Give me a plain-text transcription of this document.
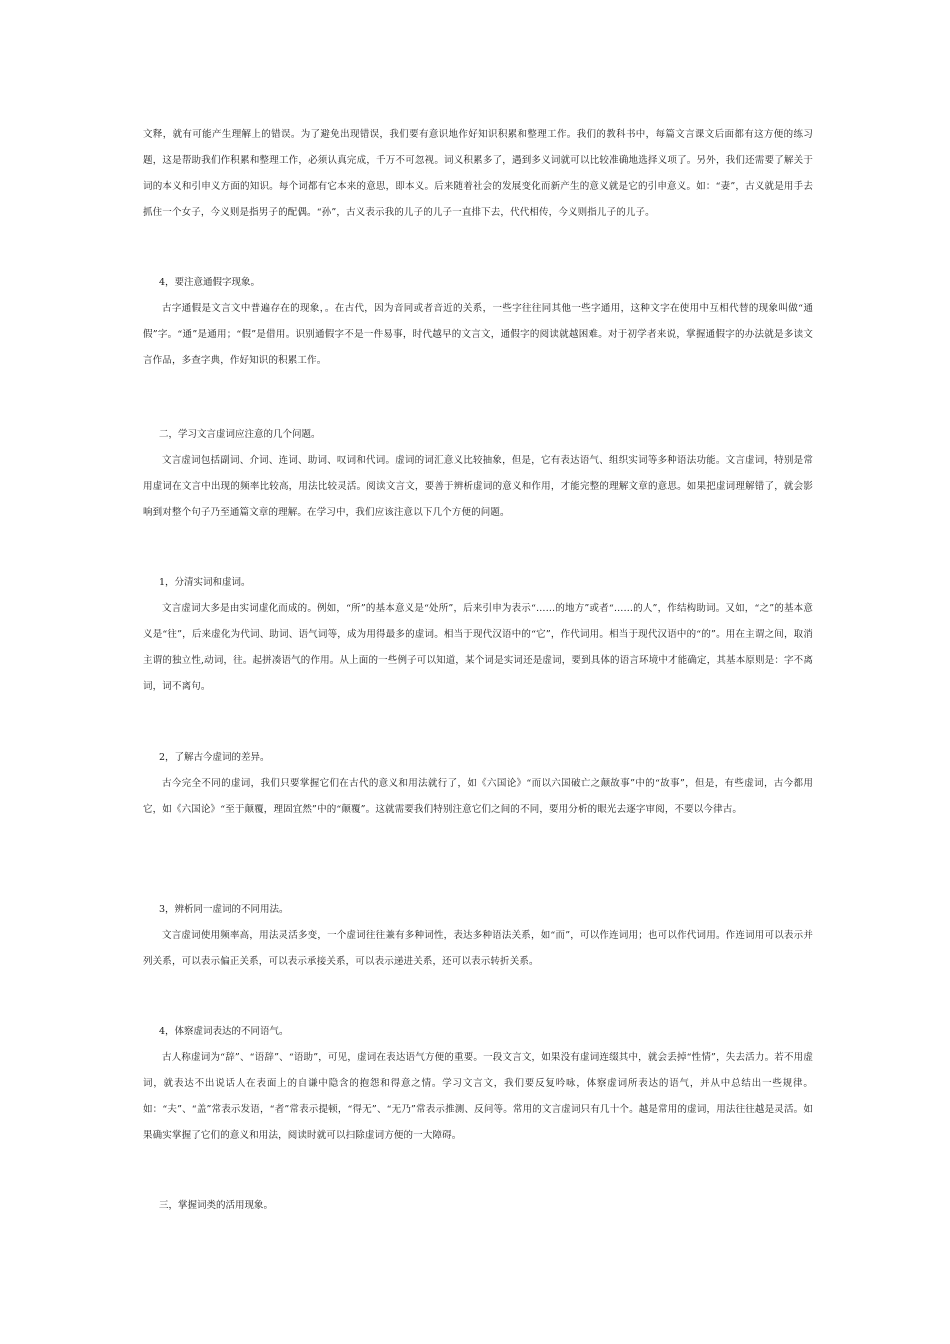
文释，就有可能产生理解上的错误。为了避免出现错误，我们要有意识地作好知识积累和整理工作。我们的教科书中，每篇文言课文后面都有这方便的练习题，这是帮助我们作积累和整理工作，必须认真完成，千万不可忽视。词义积累多了，遇到多义词就可以比较准确地选择义项了。另外，我们还需要了解关于词的本义和引申义方面的知识。每个词都有它本来的意思，即本义。后来随着社会的发展变化而新产生的意义就是它的引申意义。如：“妻”，古义就是用手去抓住一个女子，今义则是指男子的配偶。“孙”，古义表示我的儿子的儿子一直排下去，代代相传，今义则指儿子的儿子。

4，要注意通假字现象。

古字通假是文言文中普遍存在的现象，。在古代，因为音同或者音近的关系，一些字往往同其他一些字通用，这种文字在使用中互相代替的现象叫做“通假”字。“通”是通用；“假”是借用。识别通假字不是一件易事，时代越早的文言文，通假字的阅读就越困难。对于初学者来说，掌握通假字的办法就是多读文言作品，多查字典，作好知识的积累工作。

二，学习文言虚词应注意的几个问题。

文言虚词包括副词、介词、连词、助词、叹词和代词。虚词的词汇意义比较抽象，但是，它有表达语气、组织实词等多种语法功能。文言虚词，特别是常用虚词在文言中出现的频率比较高，用法比较灵活。阅读文言文，要善于辨析虚词的意义和作用，才能完整的理解文章的意思。如果把虚词理解错了，就会影响到对整个句子乃至通篇文章的理解。在学习中，我们应该注意以下几个方便的问题。

1，分清实词和虚词。

文言虚词大多是由实词虚化而成的。例如，“所”的基本意义是“处所”，后来引申为表示“……的地方”或者“……的人”，作结构助词。又如，“之”的基本意义是“往”，后来虚化为代词、助词、语气词等，成为用得最多的虚词。相当于现代汉语中的“它”，作代词用。相当于现代汉语中的“的”。用在主谓之间，取消主谓的独立性,动词，往。起拼凑语气的作用。从上面的一些例子可以知道，某个词是实词还是虚词，要到具体的语言环境中才能确定，其基本原则是：字不离词，词不离句。

2，了解古今虚词的差异。

古今完全不同的虚词，我们只要掌握它们在古代的意义和用法就行了，如《六国论》“而以六国破亡之颠故事”中的“故事”，但是，有些虚词，古今都用它，如《六国论》“至于颠覆，理固宜然”中的“颠覆”。这就需要我们特别注意它们之间的不同，要用分析的眼光去逐字审阅，不要以今律古。

3，辨析同一虚词的不同用法。

文言虚词使用频率高，用法灵活多变，一个虚词往往兼有多种词性，表达多种语法关系，如“而”，可以作连词用；也可以作代词用。作连词用可以表示并列关系，可以表示偏正关系，可以表示承接关系，可以表示递进关系，还可以表示转折关系。

4，体察虚词表达的不同语气。

古人称虚词为“辞”、“语辞”、“语助”，可见，虚词在表达语气方便的重要。一段文言文，如果没有虚词连缀其中，就会丢掉“性情”，失去活力。若不用虚词，就表达不出说话人在表面上的自谦中隐含的抱怨和得意之情。学习文言文，我们要反复吟咏，体察虚词所表达的语气，并从中总结出一些规律。如：“夫”、“盖”常表示发语，“者”常表示提顿，“得无”、“无乃”常表示推测、反问等。常用的文言虚词只有几十个。越是常用的虚词，用法往往越是灵活。如果确实掌握了它们的意义和用法，阅读时就可以扫除虚词方便的一大障碍。

三，掌握词类的活用现象。
